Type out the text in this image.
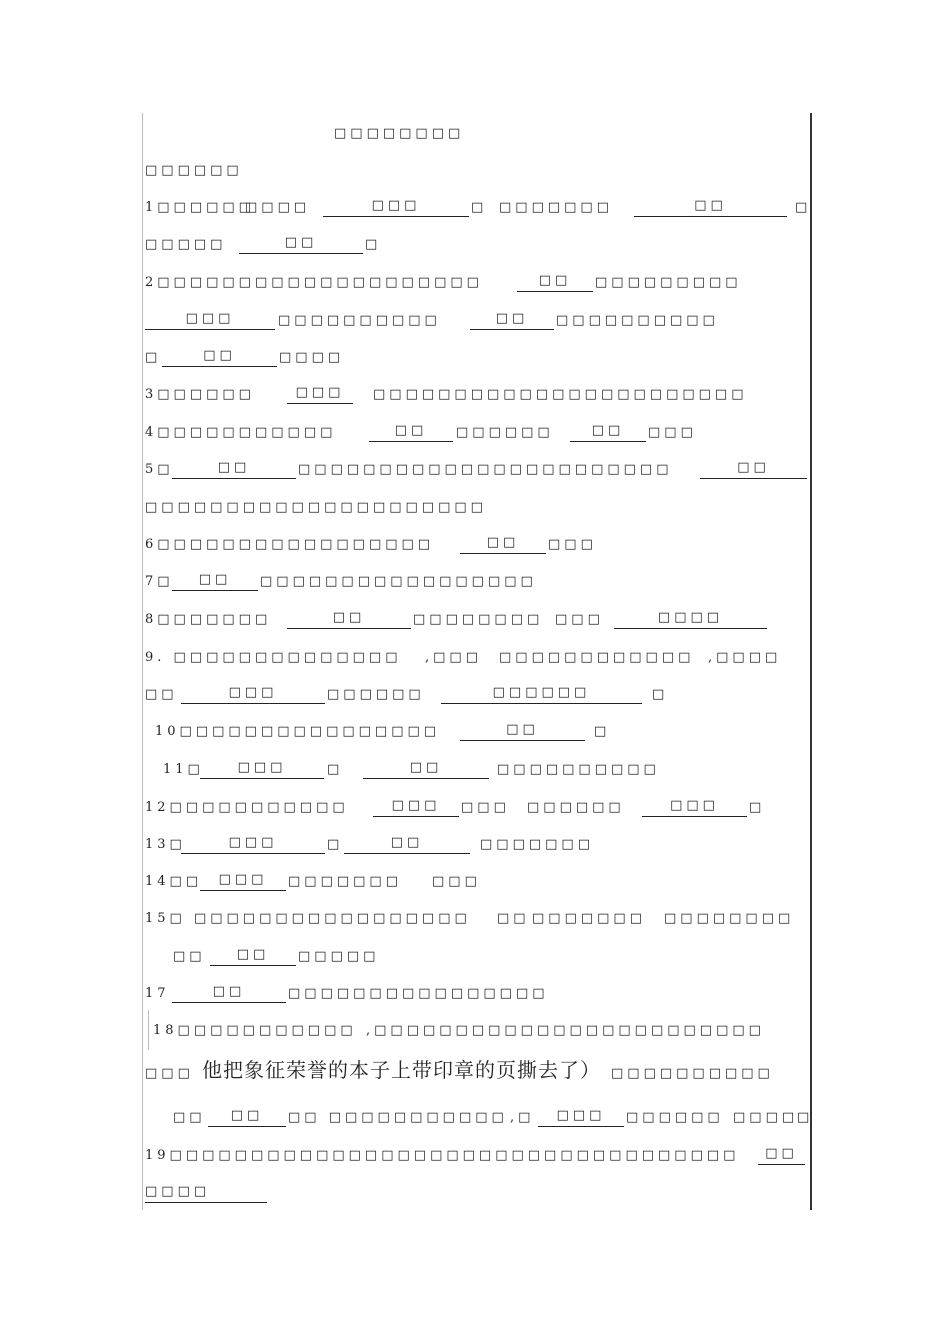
□□□□□□□□
□□□□□□
1□□□□□□
□□□□	□□□	□ □□□□□□□	□□	□
□□□□□	□□	□
2□□□□□□□□□□□□□□□□□□□□	□□	□□□□□□□□□
□□□	□□□□□□□□□□	□□	□□□□□□□□□□
□	□□	□□□□
3□□□□□□	□□□	□□□□□□□□□□□□□□□□□□□□□□□
4□□□□□□□□□□□	□□	□□□□□□	□□	□□□
5□	□□	□□□□□□□□□□□□□□□□□□□□□□□	□□
□□□□□□□□□□□□□□□□□□□□□
6□□□□□□□□□□□□□□□□□	□□	□□□
7□	□□	□□□□□□□□□□□□□□□□□
8□□□□□□□	□□	□□□□□□□□ □□□	□□□□
9. □□□□□□□□□□□□□□ ,□□□ □□□□□□□□□□□□ ,□□□□
□□	□□□	□□□□□□	□□□□□□	□
10□□□□□□□□□□□□□□□□	□□	□
11□	□□□	□	□□	□□□□□□□□□□
12□□□□□□□□□□□	□□□	□□□ □□□□□□	□□□	□
13□	□□□	□	□□	□□□□□□□
14□□	□□□	□□□□□□□ □□□
15□ □□□□□□□□□□□□□□□□□ □□ □□□□□□□ □□□□□□□□
□□	□□	□□□□□
17	□□	□□□□□□□□□□□□□□□□
18□□□□□□□□□□□ ,□□□□□□□□□□□□□□□□□□□□□□□□
□□□ 他把象征荣誉的本子上带印章的页撕去了） □□□□□□□□□□
□□	□□	□□ □□□□□□□□□□□ ,□	□□□	□□□□□□ □□□□
□
19□□□□□□□□□□□□□□□□□□□□□□□□□□□□□□□□□□□	□□
□□□□
